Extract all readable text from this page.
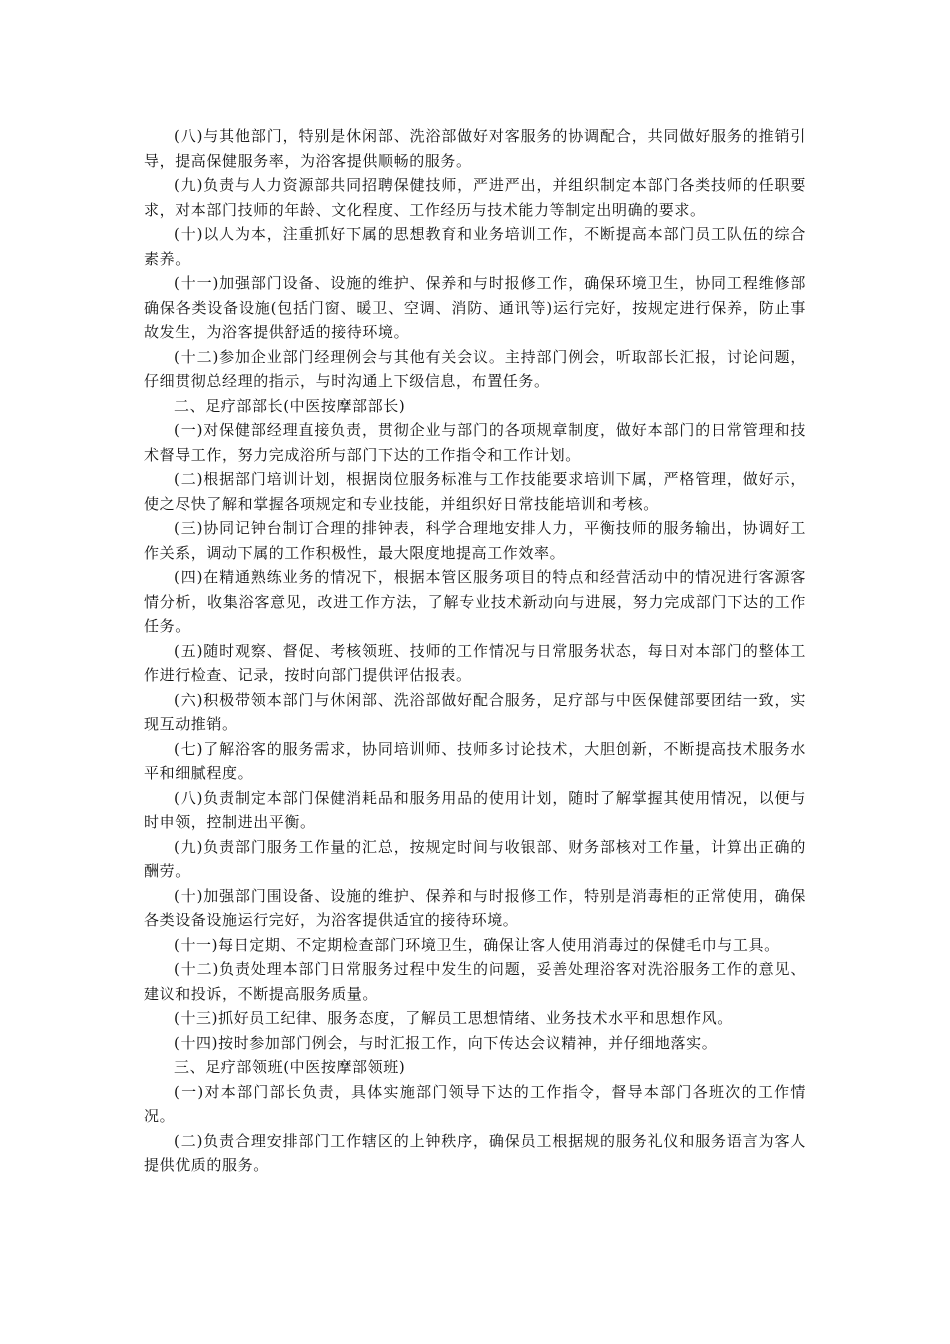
(八)与其他部门，特别是休闲部、洗浴部做好对客服务的协调配合，共同做好服务的推销引导，提高保健服务率，为浴客提供顺畅的服务。

(九)负责与人力资源部共同招聘保健技师，严进严出，并组织制定本部门各类技师的任职要求，对本部门技师的年龄、文化程度、工作经历与技术能力等制定出明确的要求。

(十)以人为本，注重抓好下属的思想教育和业务培训工作，不断提高本部门员工队伍的综合素养。

(十一)加强部门设备、设施的维护、保养和与时报修工作，确保环境卫生，协同工程维修部确保各类设备设施(包括门窗、暖卫、空调、消防、通讯等)运行完好，按规定进行保养，防止事故发生，为浴客提供舒适的接待环境。

(十二)参加企业部门经理例会与其他有关会议。主持部门例会，听取部长汇报，讨论问题，仔细贯彻总经理的指示，与时沟通上下级信息，布置任务。

二、足疗部部长(中医按摩部部长)

(一)对保健部经理直接负责，贯彻企业与部门的各项规章制度，做好本部门的日常管理和技术督导工作，努力完成浴所与部门下达的工作指令和工作计划。

(二)根据部门培训计划，根据岗位服务标准与工作技能要求培训下属，严格管理，做好示，使之尽快了解和掌握各项规定和专业技能，并组织好日常技能培训和考核。

(三)协同记钟台制订合理的排钟表，科学合理地安排人力，平衡技师的服务输出，协调好工作关系，调动下属的工作积极性，最大限度地提高工作效率。

(四)在精通熟练业务的情况下，根据本管区服务项目的特点和经营活动中的情况进行客源客情分析，收集浴客意见，改进工作方法，了解专业技术新动向与进展，努力完成部门下达的工作任务。

(五)随时观察、督促、考核领班、技师的工作情况与日常服务状态，每日对本部门的整体工作进行检查、记录，按时向部门提供评估报表。

(六)积极带领本部门与休闲部、洗浴部做好配合服务，足疗部与中医保健部要团结一致，实现互动推销。

(七)了解浴客的服务需求，协同培训师、技师多讨论技术，大胆创新，不断提高技术服务水平和细腻程度。

(八)负责制定本部门保健消耗品和服务用品的使用计划，随时了解掌握其使用情况，以便与时申领，控制进出平衡。

(九)负责部门服务工作量的汇总，按规定时间与收银部、财务部核对工作量，计算出正确的酬劳。

(十)加强部门围设备、设施的维护、保养和与时报修工作，特别是消毒柜的正常使用，确保各类设备设施运行完好，为浴客提供适宜的接待环境。

(十一)每日定期、不定期检查部门环境卫生，确保让客人使用消毒过的保健毛巾与工具。

(十二)负责处理本部门日常服务过程中发生的问题，妥善处理浴客对洗浴服务工作的意见、建议和投诉，不断提高服务质量。

(十三)抓好员工纪律、服务态度，了解员工思想情绪、业务技术水平和思想作风。

(十四)按时参加部门例会，与时汇报工作，向下传达会议精神，并仔细地落实。

三、足疗部领班(中医按摩部领班)

(一)对本部门部长负责，具体实施部门领导下达的工作指令，督导本部门各班次的工作情况。

(二)负责合理安排部门工作辖区的上钟秩序，确保员工根据规的服务礼仪和服务语言为客人提供优质的服务。
